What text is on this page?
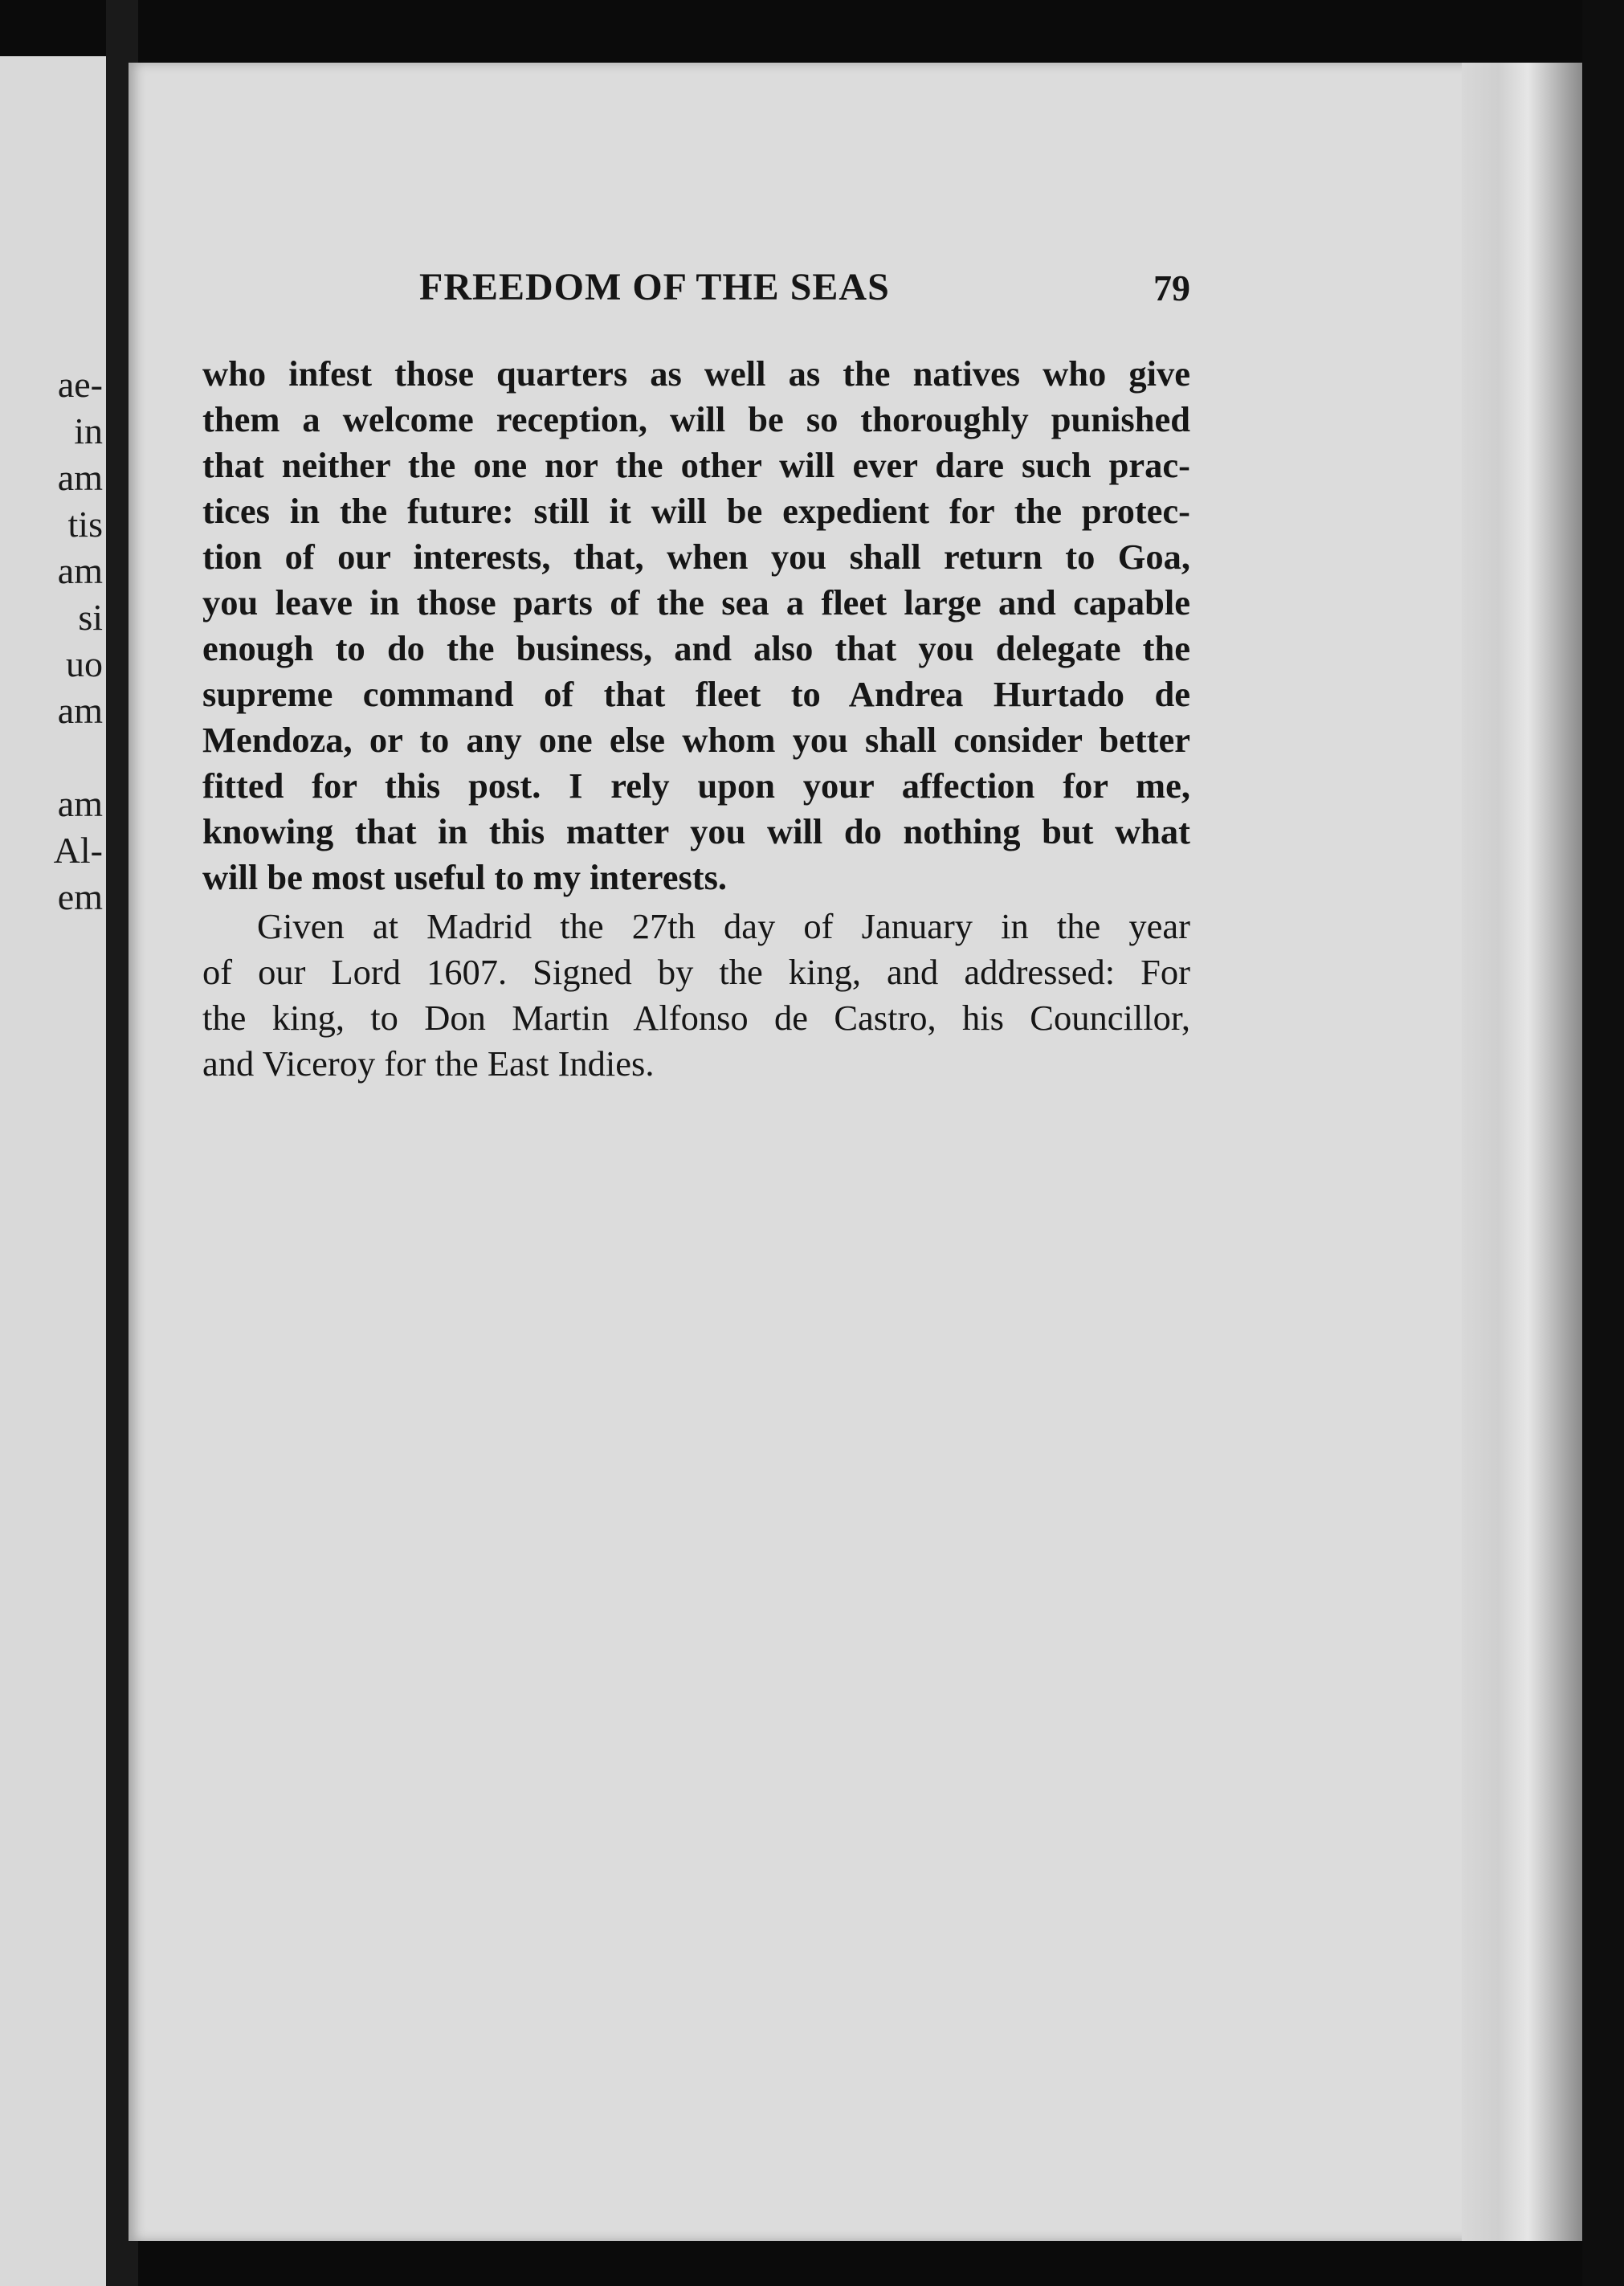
ae-
in
am
tis
am
si
uo
am
am
Al-
em
FREEDOM OF THE SEAS	79
who infest those quarters as well as the natives who give
them a welcome reception, will be so thoroughly punished
that neither the one nor the other will ever dare such prac-
tices in the future: still it will be expedient for the protec-
tion of our interests, that, when you shall return to Goa,
you leave in those parts of the sea a fleet large and capable
enough to do the business, and also that you delegate the
supreme command of that fleet to Andrea Hurtado de
Mendoza, or to any one else whom you shall consider better
fitted for this post. I rely upon your affection for me,
knowing that in this matter you will do nothing but what
will be most useful to my interests.
Given at Madrid the 27th day of January in the year
of our Lord 1607. Signed by the king, and addressed: For
the king, to Don Martin Alfonso de Castro, his Councillor,
and Viceroy for the East Indies.
